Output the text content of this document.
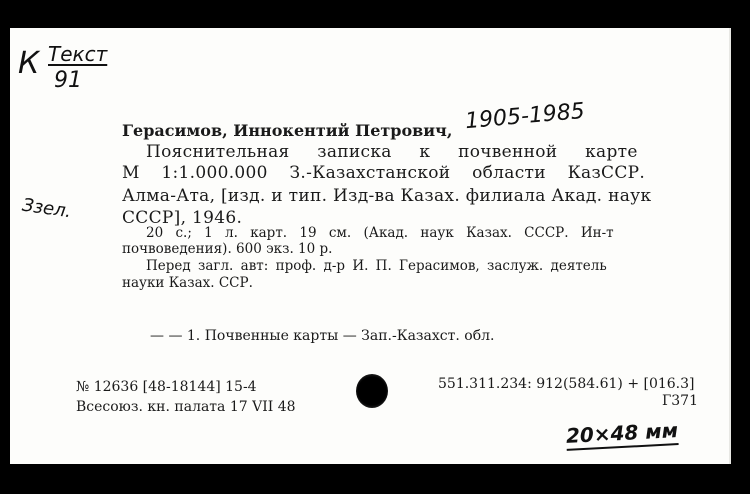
К Текст
91
1905-1985
Ззел.
Герасимов, Иннокентий Петрович,
Пояснительная записка к почвенной карте
М 1:1.000.000 З.-Казахстанской области КазССР.
Алма-Ата, [изд. и тип. Изд-ва Казах. филиала Акад. наук
СССР], 1946.
20 с.; 1 л. карт. 19 см. (Акад. наук Казах. СССР. Ин-т
почвоведения). 600 экз. 10 р.
Перед загл. авт: проф. д-р И. П. Герасимов, заслуж. деятель
науки Казах. ССР.
— — 1. Почвенные карты — Зап.-Казахст. обл.
№ 12636 [48-18144] 15-4
Всесоюз. кн. палата 17 VII 48
551.311.234: 912(584.61) + [016.3]
Г371
20×48 мм
